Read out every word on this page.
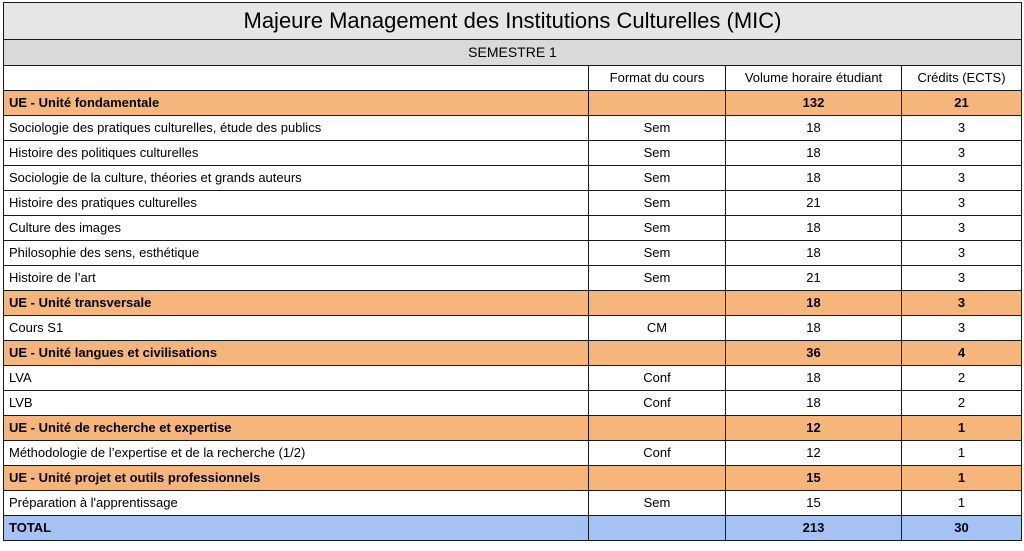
Majeure Management des Institutions Culturelles (MIC)			
SEMESTRE 1			
	Format du cours	Volume horaire étudiant	Crédits (ECTS)
UE - Unité fondamentale		132	21
Sociologie des pratiques culturelles, étude des publics	Sem	18	3
Histoire des politiques culturelles	Sem	18	3
Sociologie de la culture, théories et grands auteurs	Sem	18	3
Histoire des pratiques culturelles	Sem	21	3
Culture des images	Sem	18	3
Philosophie des sens, esthétique	Sem	18	3
Histoire de l’art	Sem	21	3
UE - Unité transversale		18	3
Cours S1	CM	18	3
UE - Unité langues et civilisations		36	4
LVA	Conf	18	2
LVB	Conf	18	2
UE - Unité de recherche et expertise		12	1
Méthodologie de l’expertise et de la recherche (1/2)	Conf	12	1
UE - Unité projet et outils professionnels		15	1
Préparation à l'apprentissage	Sem	15	1
TOTAL		213	30
